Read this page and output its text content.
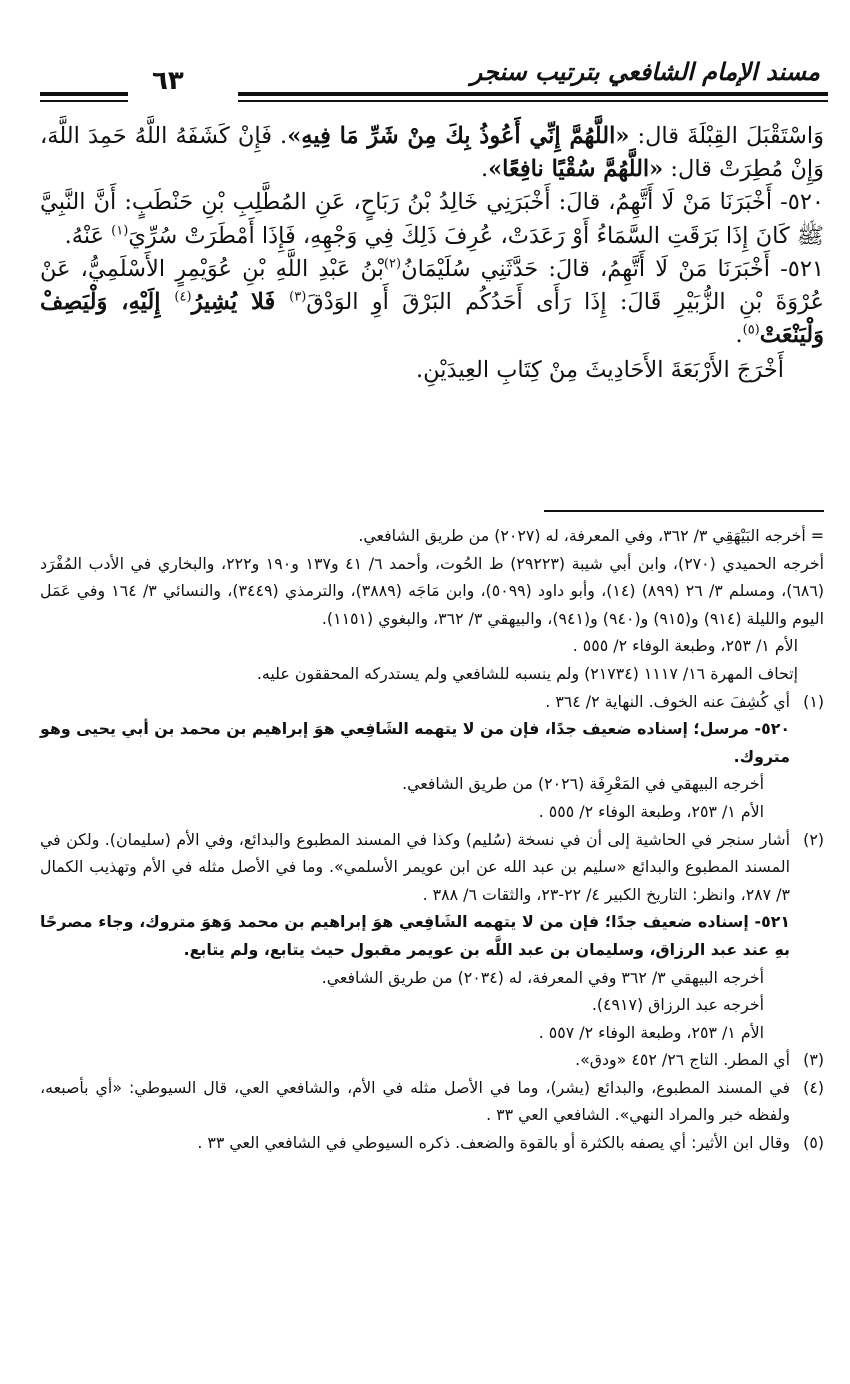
مسند الإمام الشافعي بترتيب سنجر
٦٣

وَاسْتَقْبَلَ القِبْلَةَ قال: «اللَّهُمَّ إِنِّي أَعُوذُ بِكَ مِنْ شَرِّ مَا فِيهِ». فَإِنْ كَشَفَهُ اللَّهُ حَمِدَ اللَّهَ، وَإِنْ مُطِرَتْ قال: «اللَّهُمَّ سُقْيًا نافِعًا».

٥٢٠- أَخْبَرَنَا مَنْ لَا أَتَّهِمُ، قالَ: أَخْبَرَنِي خَالِدُ بْنُ رَبَاحٍ، عَنِ المُطَّلِبِ بْنِ حَنْطَبٍ: أَنَّ النَّبِيَّ ﷺ كَانَ إِذَا بَرَقَتِ السَّمَاءُ أَوْ رَعَدَتْ، عُرِفَ ذَلِكَ فِي وَجْهِهِ، فَإِذَا أَمْطَرَتْ سُرِّيَ$^{(١)}$ عَنْهُ.

٥٢١- أَخْبَرَنَا مَنْ لَا أَتَّهِمُ، قالَ: حَدَّثَنِي سُلَيْمَانُ$^{(٢)}$بْنُ عَبْدِ اللَّهِ بْنِ عُوَيْمِرٍ الأَسْلَمِيُّ، عَنْ عُرْوَةَ بْنِ الزُّبَيْرِ قَالَ: إِذَا رَأَى أَحَدُكُم البَرْقَ أَوِ الوَدْقَ$^{(٣)}$ فَلا يُشِيرُ$^{(٤)}$ إِلَيْهِ، وَلْيَصِفْ وَلْيَنْعَتْ$^{(٥)}$.

أَخْرَجَ الأَرْبَعَةَ الأَحَادِيثَ مِنْ كِتَابِ العِيدَيْنِ.

= أخرجه البَيْهَقِي ٣/ ٣٦٢، وفي المعرفة، له (٢٠٢٧) من طريق الشافعي.

أخرجه الحميدي (٢٧٠)، وابن أبي شيبة (٢٩٢٢٣) ط الحُوت، وأحمد ٦/ ٤١ و١٣٧ و١٩٠ و٢٢٢، والبخاري في الأدب المُفْرَد (٦٨٦)، ومسلم ٣/ ٢٦ (٨٩٩) (١٤)، وأبو داود (٥٠٩٩)، وابن مَاجَه (٣٨٨٩)، والترمذي (٣٤٤٩)، والنسائي ٣/ ١٦٤ وفي عَمَل اليوم والليلة (٩١٤) و(٩١٥) و(٩٤٠) و(٩٤١)، والبيهقي ٣/ ٣٦٢، والبغوي (١١٥١).

الأم ١/ ٢٥٣، وطبعة الوفاء ٢/ ٥٥٥ .

إتحاف المهرة ١٦/ ١١١٧ (٢١٧٣٤) ولم ينسبه للشافعي ولم يستدركه المحققون عليه.

(١)

أي كُشِفَ عنه الخوف. النهاية ٢/ ٣٦٤ .

٥٢٠- مرسل؛ إسناده ضعيف جدًا، فإن من لا يتهمه الشَافِعي هوَ إبراهيم بن محمد بن أبي يحيى وهو متروك.

أخرجه البيهقي في المَعْرِفَة (٢٠٢٦) من طريق الشافعي.

الأم ١/ ٢٥٣، وطبعة الوفاء ٢/ ٥٥٥ .

(٢)

أشار سنجر في الحاشية إلى أن في نسخة (سُليم) وكذا في المسند المطبوع والبدائع، وفي الأم (سليمان). ولكن في المسند المطبوع والبدائع «سليم بن عبد الله عن ابن عويمر الأسلمي». وما في الأصل مثله في الأم وتهذيب الكمال ٣/ ٢٨٧، وانظر: التاريخ الكبير ٤/ ٢٢-٢٣، والثقات ٦/ ٣٨٨ .

٥٢١- إسناده ضعيف جدًا؛ فإن من لا يتهمه الشَافِعي هوَ إبراهيم بن محمد وَهوَ متروك، وجاء مصرحًا بهِ عند عبد الرزاق، وسليمان بن عبد اللَّه بن عويمر مقبول حيث يتابع، ولم يتابع.

أخرجه البيهقي ٣/ ٣٦٢ وفي المعرفة، له (٢٠٣٤) من طريق الشافعي.

أخرجه عبد الرزاق (٤٩١٧).

الأم ١/ ٢٥٣، وطبعة الوفاء ٢/ ٥٥٧ .

(٣)

أي المطر. التاج ٢٦/ ٤٥٢ «ودق».

(٤)

في المسند المطبوع، والبدائع (يشر)، وما في الأصل مثله في الأم، والشافعي العي، قال السيوطي: «أي بأصبعه، ولفظه خبر والمراد النهي». الشافعي العي ٣٣ .

(٥)

وقال ابن الأثير: أي يصفه بالكثرة أو بالقوة والضعف. ذكره السيوطي في الشافعي العي ٣٣ .
